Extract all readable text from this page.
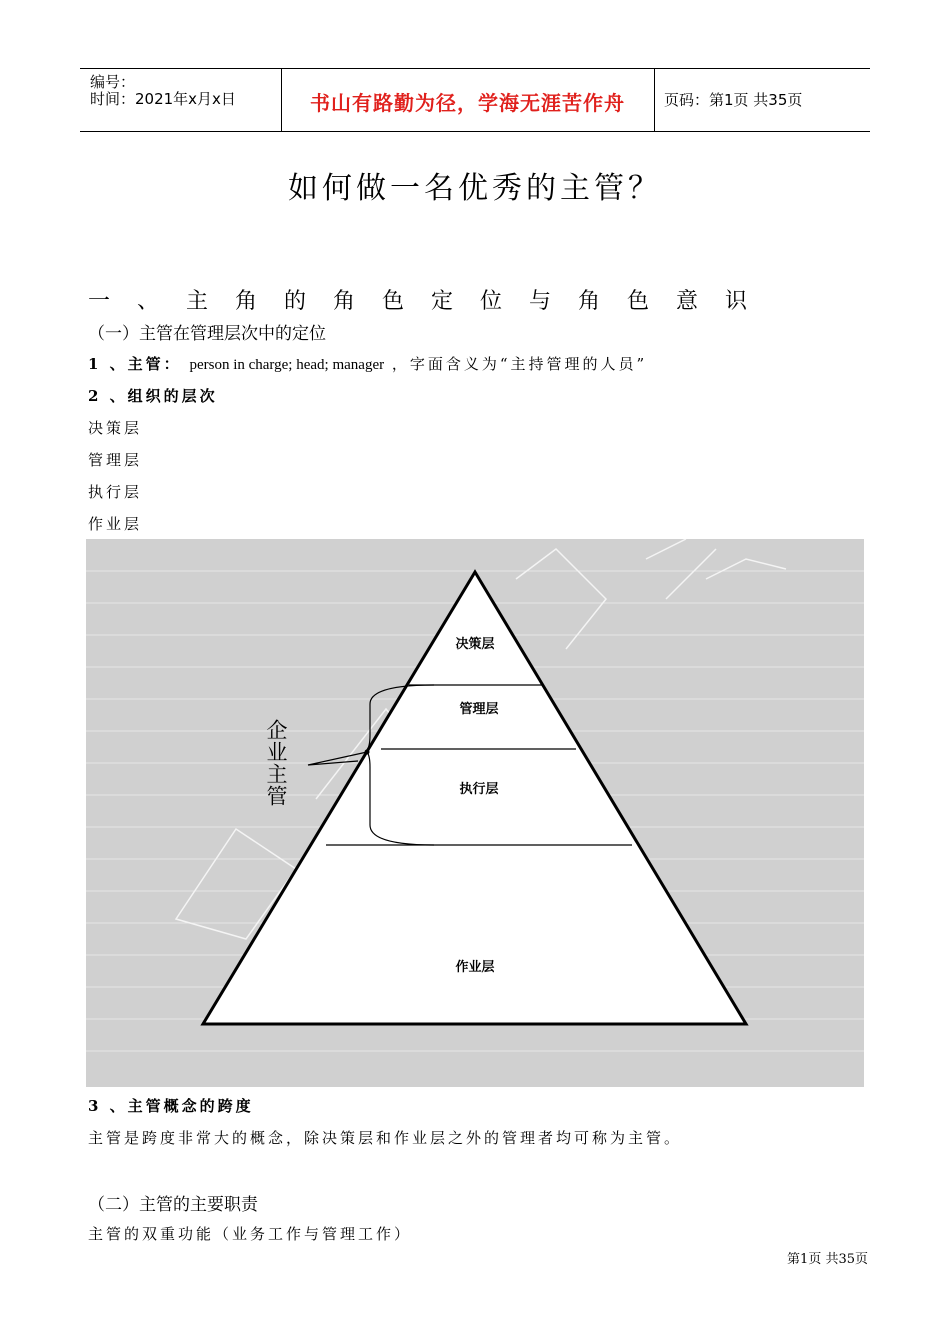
编号：
时间：2021年x月x日	书山有路勤为径，学海无涯苦作舟	页码：第1页 共35页
如何做一名优秀的主管？
一、主角的角色定位与角色意识
（一）主管在管理层次中的定位
1 、主管： person in charge; head; manager ，字面含义为“主持管理的人员”
2 、组织的层次
决策层
管理层
执行层
作业层
决策层
管理层
执行层
作业层
企业主管
3 、主管概念的跨度
主管是跨度非常大的概念，除决策层和作业层之外的管理者均可称为主管。
（二）主管的主要职责
主管的双重功能（业务工作与管理工作）
第1页 共35页
